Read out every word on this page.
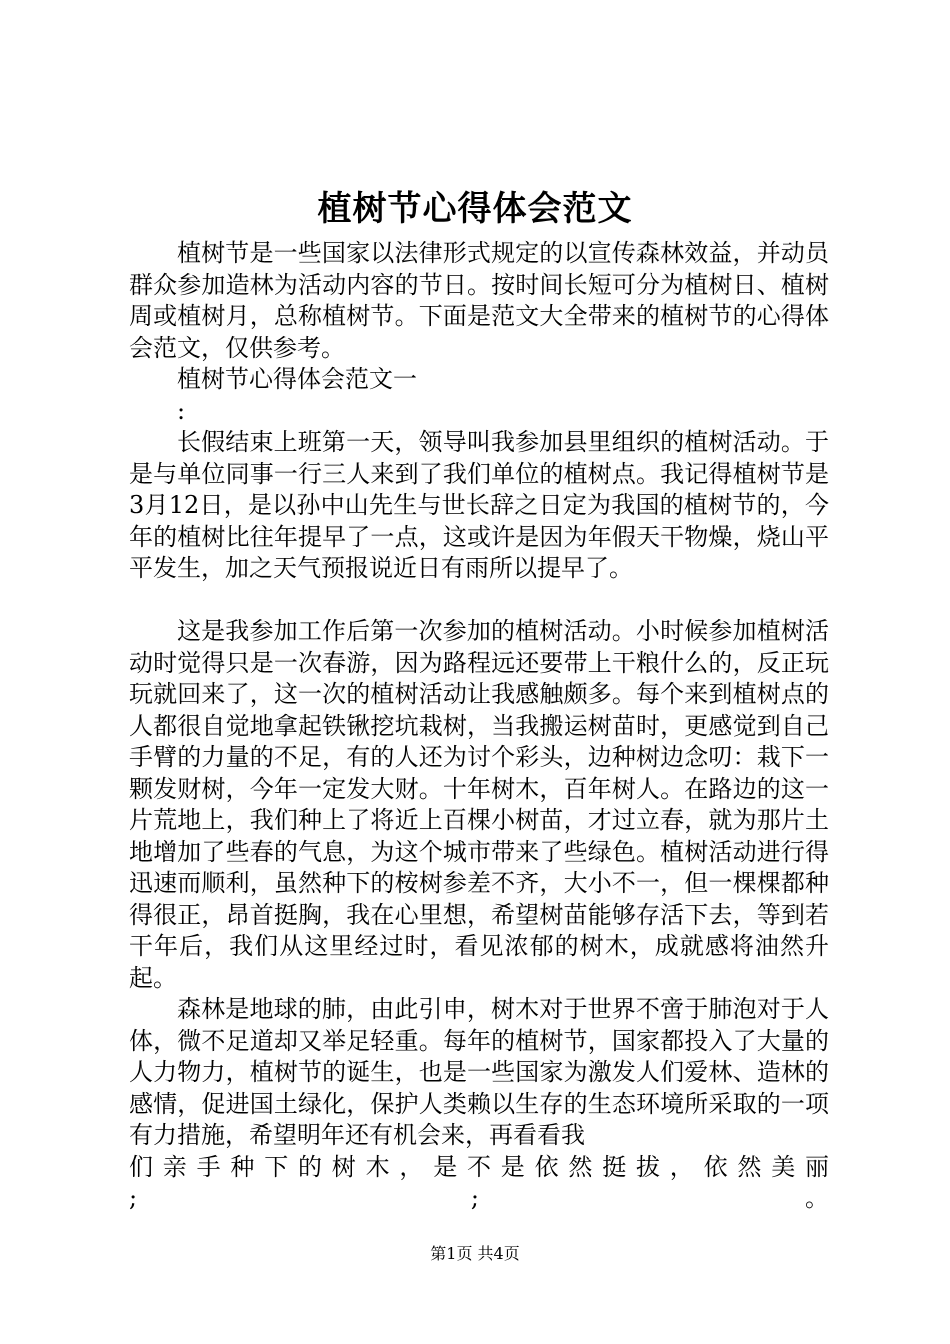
植树节心得体会范文

植树节是一些国家以法律形式规定的以宣传森林效益，并动员群众参加造林为活动内容的节日。按时间长短可分为植树日、植树周或植树月，总称植树节。下面是范文大全带来的植树节的心得体会范文，仅供参考。

植树节心得体会范文一

:

长假结束上班第一天，领导叫我参加县里组织的植树活动。于是与单位同事一行三人来到了我们单位的植树点。我记得植树节是3月12日，是以孙中山先生与世长辞之日定为我国的植树节的，今年的植树比往年提早了一点，这或许是因为年假天干物燥，烧山平平发生，加之天气预报说近日有雨所以提早了。

这是我参加工作后第一次参加的植树活动。小时候参加植树活动时觉得只是一次春游，因为路程远还要带上干粮什么的，反正玩玩就回来了，这一次的植树活动让我感触颇多。每个来到植树点的人都很自觉地拿起铁锹挖坑栽树，当我搬运树苗时，更感觉到自己手臂的力量的不足，有的人还为讨个彩头，边种树边念叨：栽下一颗发财树，今年一定发大财。十年树木，百年树人。在路边的这一片荒地上，我们种上了将近上百棵小树苗，才过立春，就为那片土地增加了些春的气息，为这个城市带来了些绿色。植树活动进行得迅速而顺利，虽然种下的桉树参差不齐，大小不一，但一棵棵都种得很正，昂首挺胸，我在心里想，希望树苗能够存活下去，等到若干年后，我们从这里经过时，看见浓郁的树木，成就感将油然升起。

森林是地球的肺，由此引申，树木对于世界不啻于肺泡对于人体，微不足道却又举足轻重。每年的植树节，国家都投入了大量的人力物力，植树节的诞生，也是一些国家为激发人们爱林、造林的感情，促进国土绿化，保护人类赖以生存的生态环境所采取的一项有力措施，希望明年还有机会来，再看看我

们亲手种下的树木，是不是依然挺拔，依然美丽

;	;。

第1页 共4页
